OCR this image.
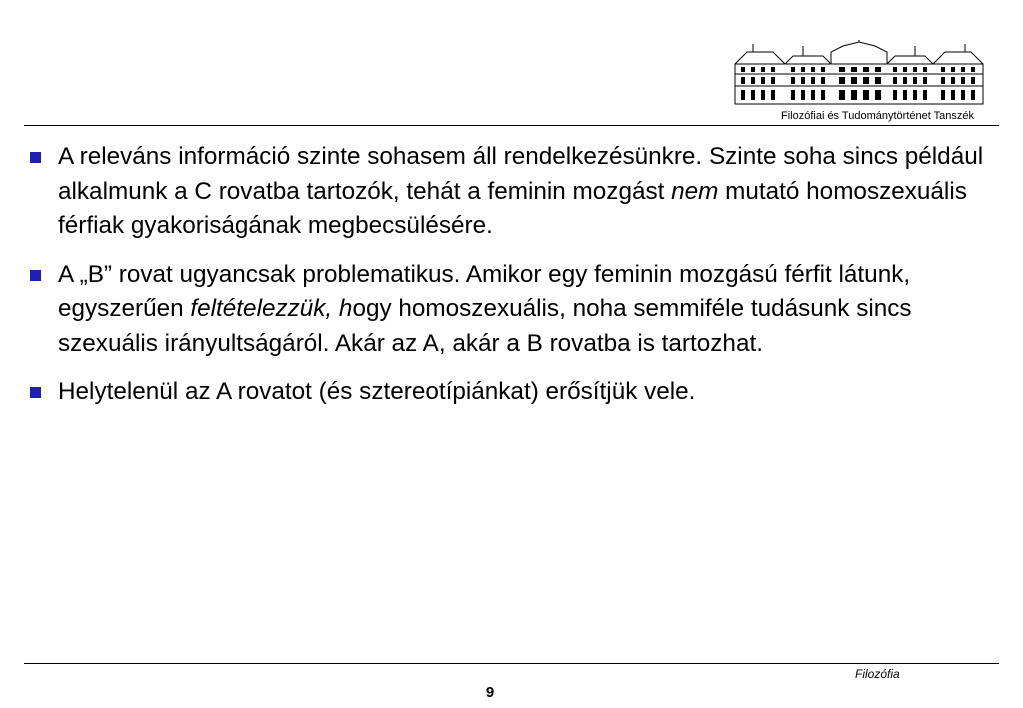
Filozófiai és Tudománytörténet Tanszék
A releváns információ szinte sohasem áll rendelkezésünkre. Szinte soha sincs például alkalmunk a C rovatba tartozók, tehát a feminin mozgást nem mutató homoszexuális férfiak gyakoriságának megbecsülésére.
A „B” rovat ugyancsak problematikus. Amikor egy feminin mozgású férfit látunk, egyszerűen feltételezzük, hogy homoszexuális, noha semmiféle tudásunk sincs szexuális irányultságáról. Akár az A, akár a B rovatba is tartozhat.
Helytelenül az A rovatot (és sztereotípiánkat) erősítjük vele.
Filozófia
9
